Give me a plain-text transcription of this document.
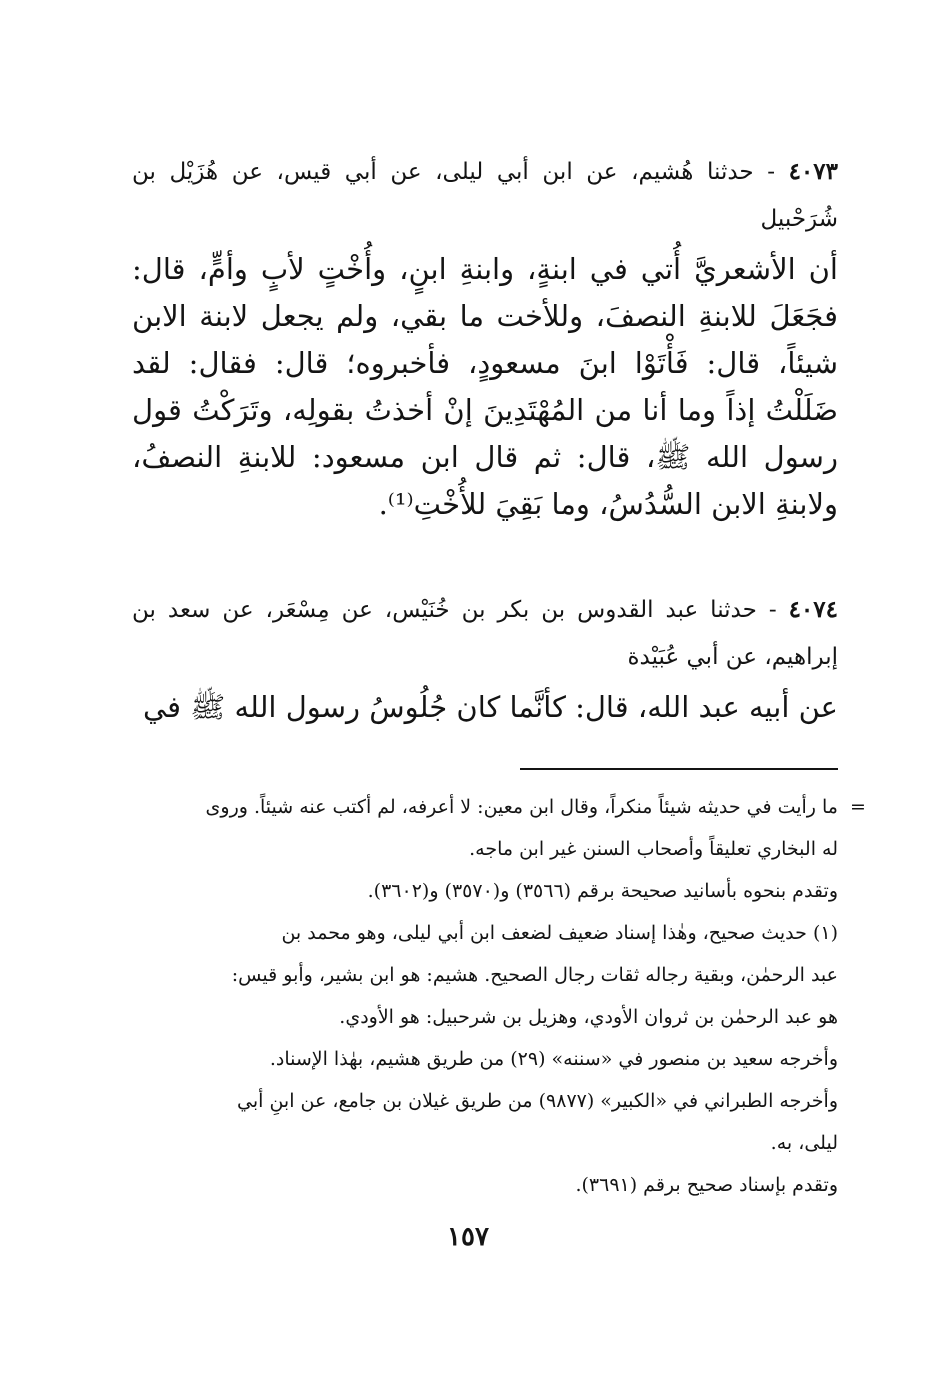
٤٠٧٣ - حدثنا هُشيم، عن ابن أبي ليلى، عن أبي قيس، عن هُزَيْل بن شُرَحْبيل

أن الأشعريَّ أُتي في ابنةٍ، وابنةِ ابنٍ، وأُخْتٍ لأبٍ وأمٍّ، قال: فجَعَلَ للابنةِ النصفَ، وللأخت ما بقي، ولم يجعل لابنة الابن شيئاً، قال: فَأْتَوْا ابنَ مسعودٍ، فأخبروه؛ قال: فقال: لقد ضَلَلْتُ إذاً وما أنا من المُهْتَدِينَ إنْ أخذتُ بقولِه، وتَرَكْتُ قول رسول الله ﷺ، قال: ثم قال ابن مسعود: للابنةِ النصفُ، ولابنةِ الابن السُّدُسُ، وما بَقِيَ للأُخْتِ⁽¹⁾.

٤٠٧٤ - حدثنا عبد القدوس بن بكر بن خُنَيْس، عن مِسْعَر، عن سعد بن إبراهيم، عن أبي عُبَيْدة

عن أبيه عبد الله، قال: كأنَّما كان جُلُوسُ رسول الله ﷺ في

=
ما رأيت في حديثه شيئاً منكراً، وقال ابن معين: لا أعرفه، لم أكتب عنه شيئاً. وروى
له البخاري تعليقاً وأصحاب السنن غير ابن ماجه.
وتقدم بنحوه بأسانيد صحيحة برقم (٣٥٦٦) و(٣٥٧٠) و(٣٦٠٢).
(١) حديث صحيح، وهٰذا إسناد ضعيف لضعف ابن أبي ليلى، وهو محمد بن
عبد الرحمٰن، وبقية رجاله ثقات رجال الصحيح. هشيم: هو ابن بشير، وأبو قيس:
هو عبد الرحمٰن بن ثروان الأودي، وهزيل بن شرحبيل: هو الأودي.
وأخرجه سعيد بن منصور في «سننه» (٢٩) من طريق هشيم، بهٰذا الإسناد.
وأخرجه الطبراني في «الكبير» (٩٨٧٧) من طريق غيلان بن جامع، عن ابنِ أبي
ليلى، به.
وتقدم بإسناد صحيح برقم (٣٦٩١).
١٥٧
